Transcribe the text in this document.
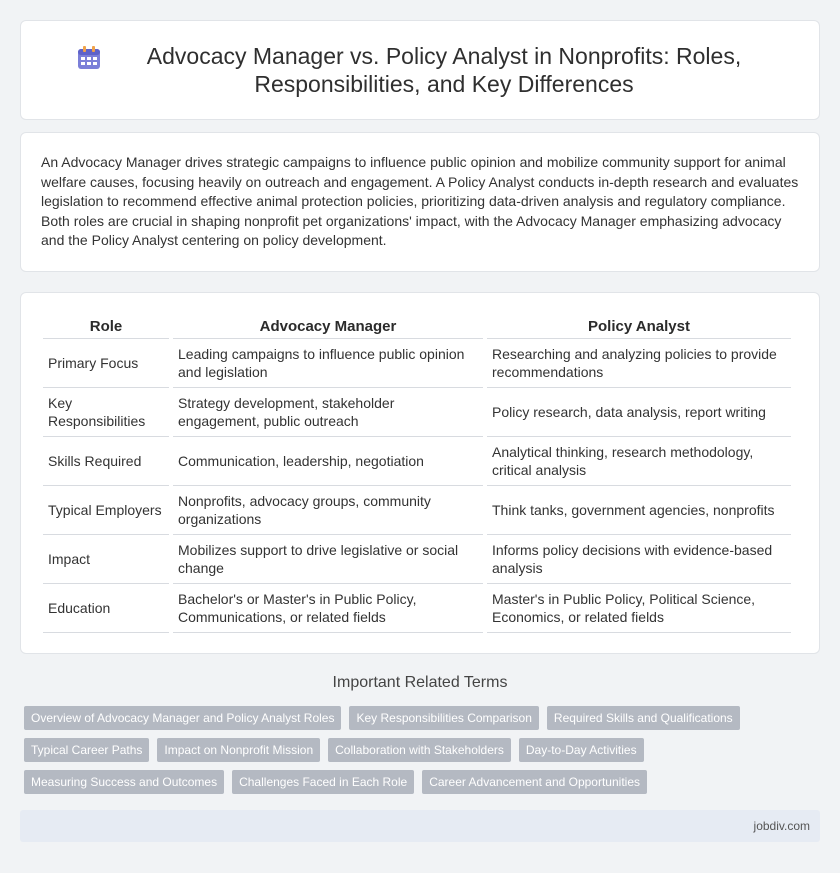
Advocacy Manager vs. Policy Analyst in Nonprofits: Roles, Responsibilities, and Key Differences

An Advocacy Manager drives strategic campaigns to influence public opinion and mobilize community support for animal welfare causes, focusing heavily on outreach and engagement. A Policy Analyst conducts in-depth research and evaluates legislation to recommend effective animal protection policies, prioritizing data-driven analysis and regulatory compliance. Both roles are crucial in shaping nonprofit pet organizations' impact, with the Advocacy Manager emphasizing advocacy and the Policy Analyst centering on policy development.

Role	Advocacy Manager	Policy Analyst
Primary Focus	Leading campaigns to influence public opinion and legislation	Researching and analyzing policies to provide recommendations
Key Responsibilities	Strategy development, stakeholder engagement, public outreach	Policy research, data analysis, report writing
Skills Required	Communication, leadership, negotiation	Analytical thinking, research methodology, critical analysis
Typical Employers	Nonprofits, advocacy groups, community organizations	Think tanks, government agencies, nonprofits
Impact	Mobilizes support to drive legislative or social change	Informs policy decisions with evidence-based analysis
Education	Bachelor's or Master's in Public Policy, Communications, or related fields	Master's in Public Policy, Political Science, Economics, or related fields
Important Related Terms
Overview of Advocacy Manager and Policy Analyst Roles	Key Responsibilities Comparison	Required Skills and Qualifications
Typical Career Paths	Impact on Nonprofit Mission	Collaboration with Stakeholders	Day-to-Day Activities
Measuring Success and Outcomes	Challenges Faced in Each Role	Career Advancement and Opportunities
jobdiv.com
